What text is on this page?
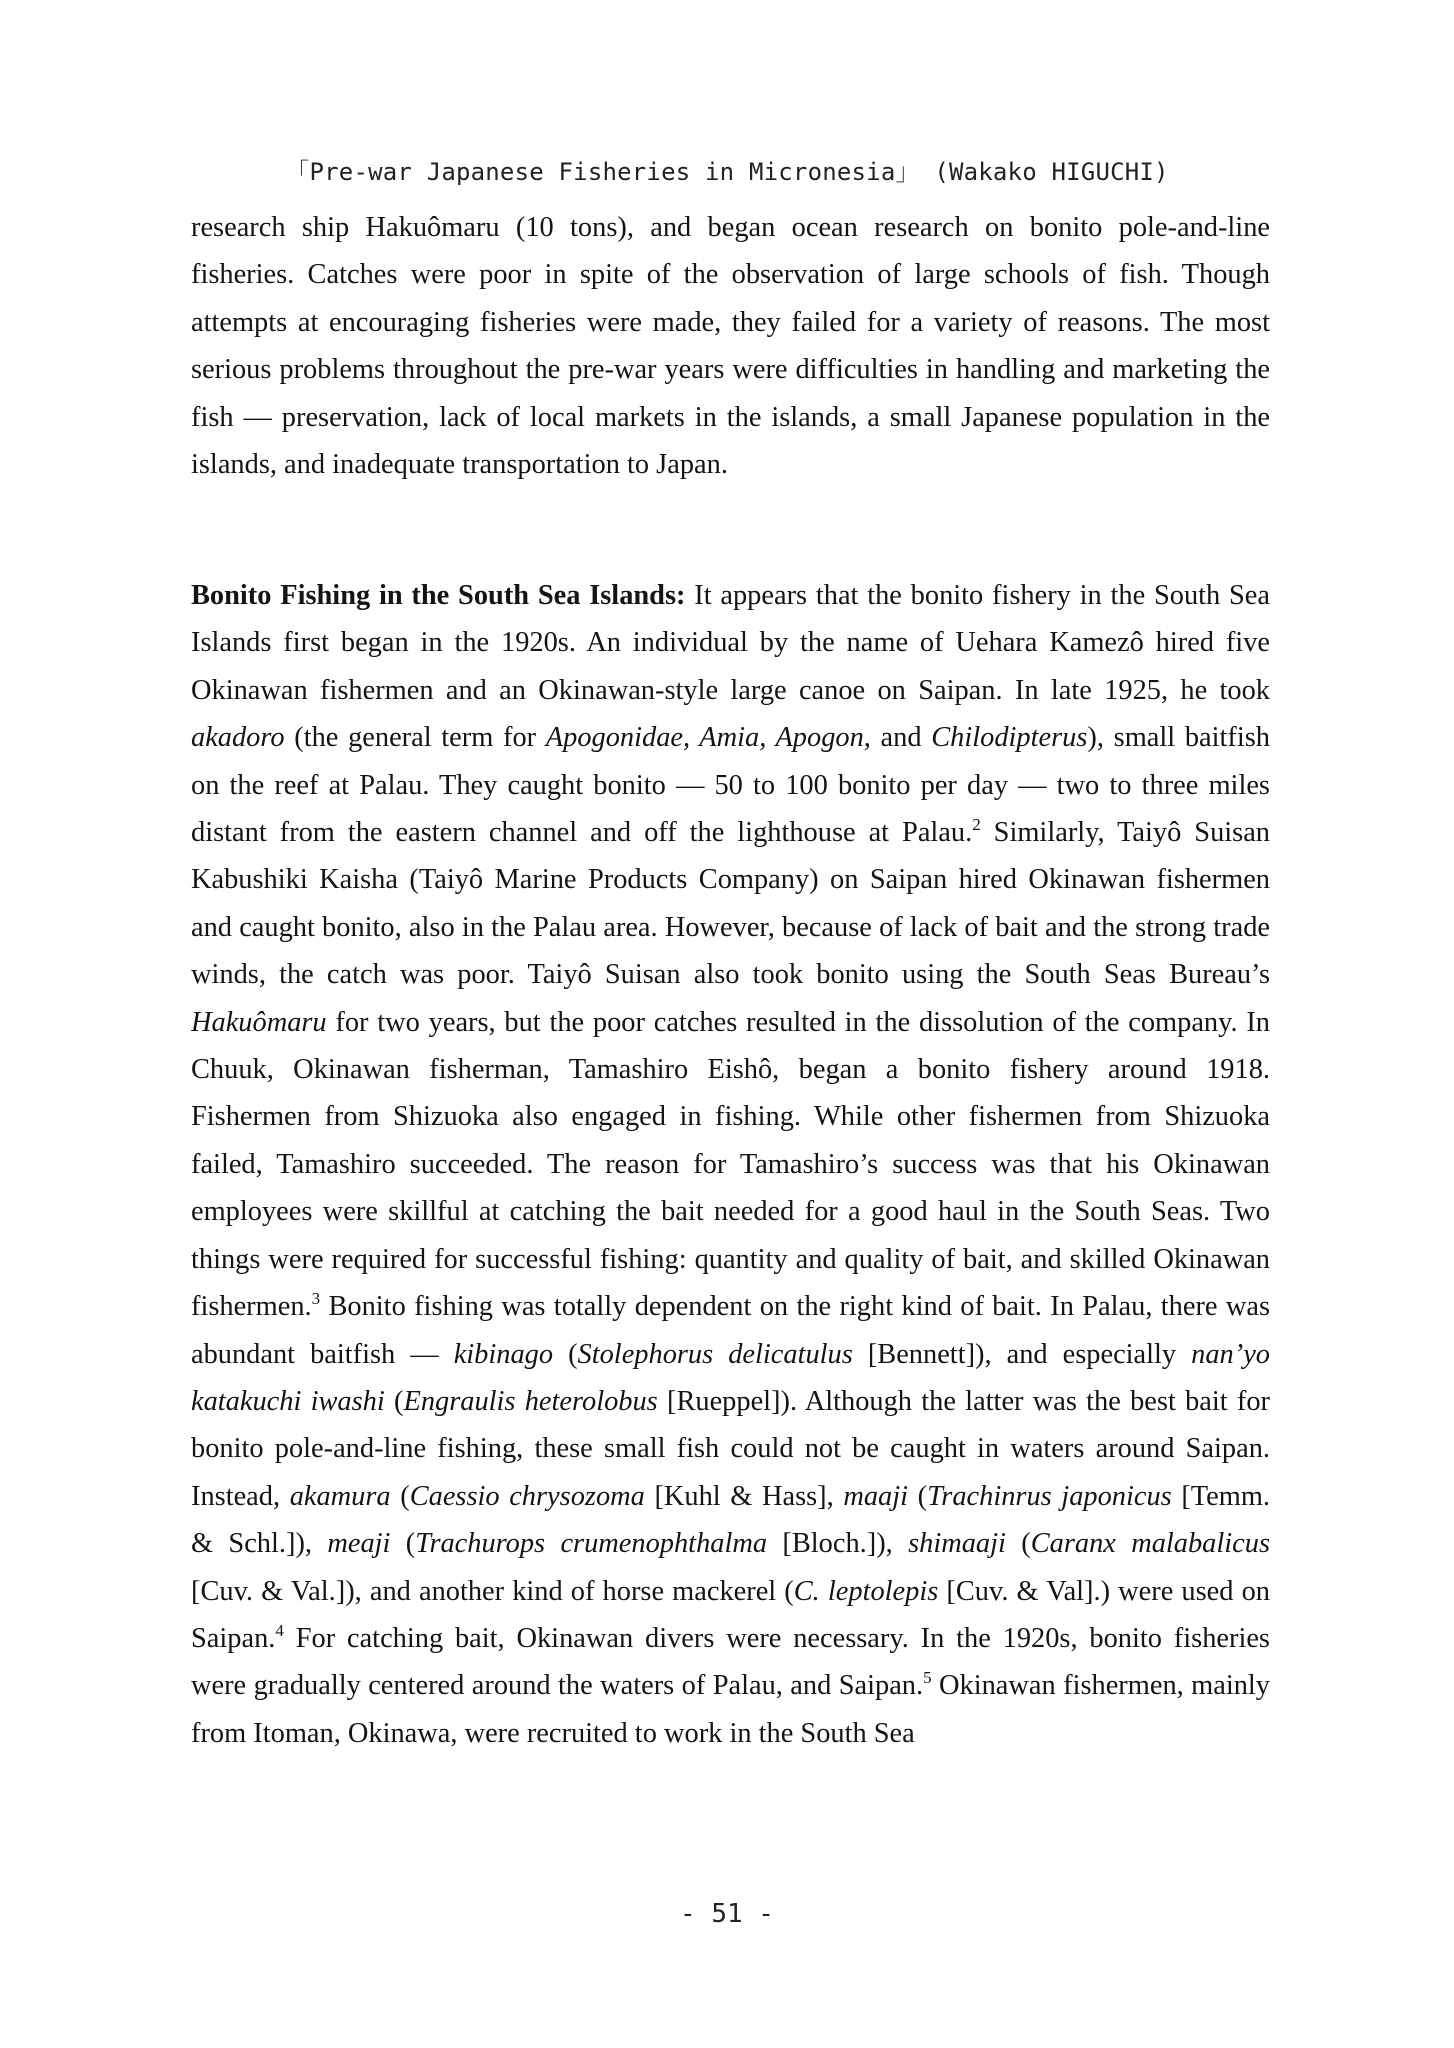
「Pre-war Japanese Fisheries in Micronesia」 (Wakako HIGUCHI)

research ship Hakuômaru (10 tons), and began ocean research on bonito pole-and-line fisheries. Catches were poor in spite of the observation of large schools of fish. Though attempts at encouraging fisheries were made, they failed for a variety of reasons. The most serious problems throughout the pre-war years were difficulties in handling and marketing the fish — preservation, lack of local markets in the islands, a small Japanese population in the islands, and inadequate transportation to Japan.

Bonito Fishing in the South Sea Islands: It appears that the bonito fishery in the South Sea Islands first began in the 1920s. An individual by the name of Uehara Kamezô hired five Okinawan fishermen and an Okinawan-style large canoe on Saipan. In late 1925, he took akadoro (the general term for Apogonidae, Amia, Apogon, and Chilodipterus), small baitfish on the reef at Palau. They caught bonito — 50 to 100 bonito per day — two to three miles distant from the eastern channel and off the lighthouse at Palau.$^2$ Similarly, Taiyô Suisan Kabushiki Kaisha (Taiyô Marine Products Company) on Saipan hired Okinawan fishermen and caught bonito, also in the Palau area. However, because of lack of bait and the strong trade winds, the catch was poor. Taiyô Suisan also took bonito using the South Seas Bureau’s Hakuômaru for two years, but the poor catches resulted in the dissolution of the company. In Chuuk, Okinawan fisherman, Tamashiro Eishô, began a bonito fishery around 1918. Fishermen from Shizuoka also engaged in fishing. While other fishermen from Shizuoka failed, Tamashiro succeeded. The reason for Tamashiro’s success was that his Okinawan employees were skillful at catching the bait needed for a good haul in the South Seas. Two things were required for successful fishing: quantity and quality of bait, and skilled Okinawan fishermen.$^3$ Bonito fishing was totally dependent on the right kind of bait. In Palau, there was abundant baitfish — kibinago (Stolephorus delicatulus [Bennett]), and especially nan’yo katakuchi iwashi (Engraulis heterolobus [Rueppel]). Although the latter was the best bait for bonito pole-and-line fishing, these small fish could not be caught in waters around Saipan. Instead, akamura (Caessio chrysozoma [Kuhl & Hass], maaji (Trachinrus japonicus [Temm. & Schl.]), meaji (Trachurops crumenophthalma [Bloch.]), shimaaji (Caranx malabalicus [Cuv. & Val.]), and another kind of horse mackerel (C. leptolepis [Cuv. & Val].) were used on Saipan.$^4$ For catching bait, Okinawan divers were necessary. In the 1920s, bonito fisheries were gradually centered around the waters of Palau, and Saipan.$^5$ Okinawan fishermen, mainly from Itoman, Okinawa, were recruited to work in the South Sea

- 51 -
